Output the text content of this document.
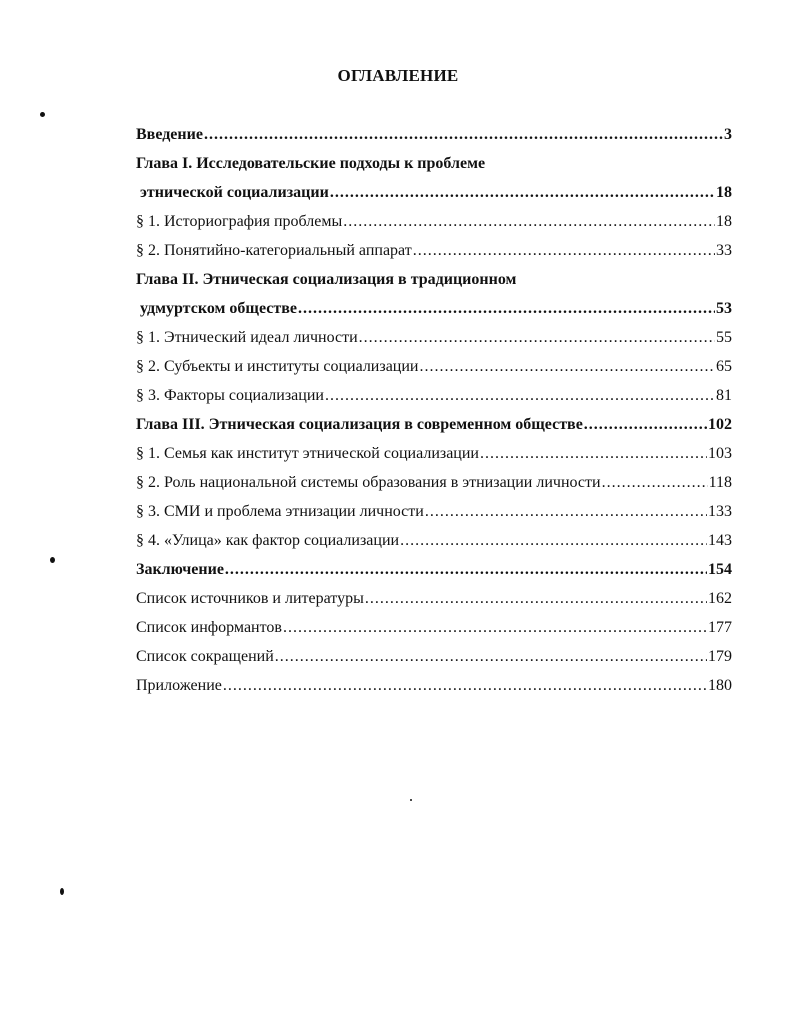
ОГЛАВЛЕНИЕ
Введение .....	3
Глава I. Исследовательские подходы к проблеме
этнической социализации .....	18
§ 1. Историография проблемы .....	18
§ 2. Понятийно-категориальный аппарат .....	33
Глава II. Этническая социализация в традиционном
удмуртском обществе .....	53
§ 1. Этнический идеал личности .....	55
§ 2. Субъекты и институты социализации .....	65
§ 3. Факторы социализации .....	81
Глава III. Этническая социализация в современном обществе .....	102
§ 1. Семья как институт этнической социализации .....	103
§ 2. Роль национальной системы образования в этнизации личности .....	118
§ 3. СМИ и проблема этнизации личности .....	133
§ 4. «Улица» как фактор социализации .....	143
Заключение .....	154
Список источников и литературы .....	162
Список информантов .....	177
Список сокращений .....	179
Приложение .....	180
